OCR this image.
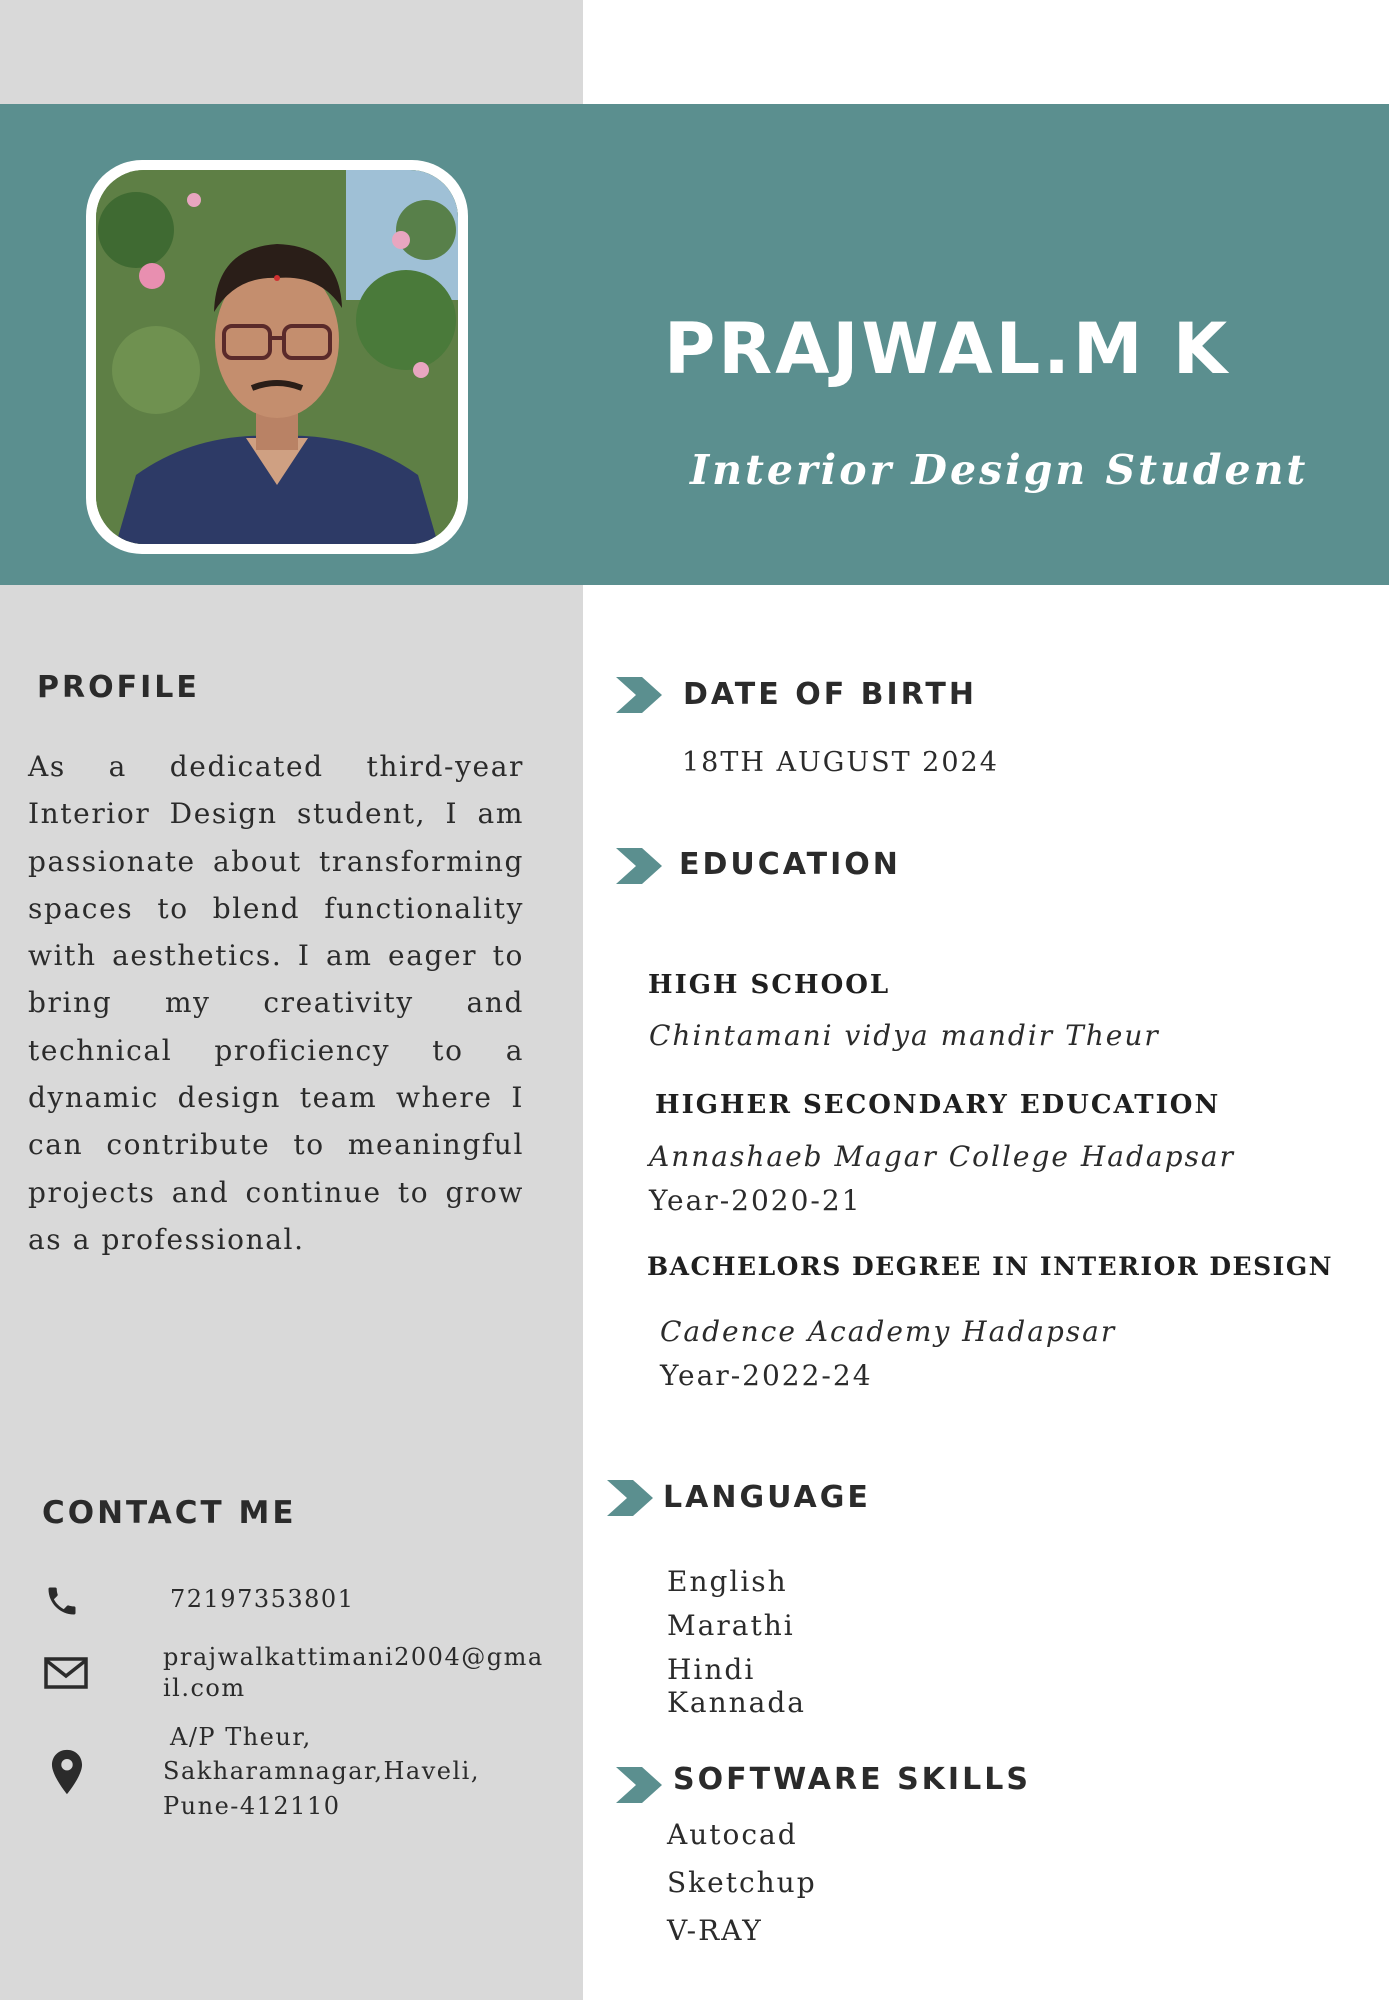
PRAJWAL.M K
Interior Design Student
PROFILE

As a dedicated third-year Interior Design student, I am passionate about transforming spaces to blend functionality with aesthetics. I am eager to bring my creativity and technical proficiency to a dynamic design team where I can contribute to meaningful projects and continue to grow as a professional.

CONTACT ME
72197353801
prajwalkattimani2004@gma
il.com
A/P Theur,
Sakharamnagar,Haveli,
Pune-412110
DATE OF BIRTH
18TH AUGUST 2024
EDUCATION
HIGH SCHOOL
Chintamani vidya mandir Theur
HIGHER SECONDARY EDUCATION
Annashaeb Magar College Hadapsar
Year-2020-21
BACHELORS DEGREE IN INTERIOR DESIGN
Cadence Academy Hadapsar
Year-2022-24
LANGUAGE
English
Marathi
Hindi
Kannada
SOFTWARE SKILLS
Autocad
Sketchup
V-RAY
